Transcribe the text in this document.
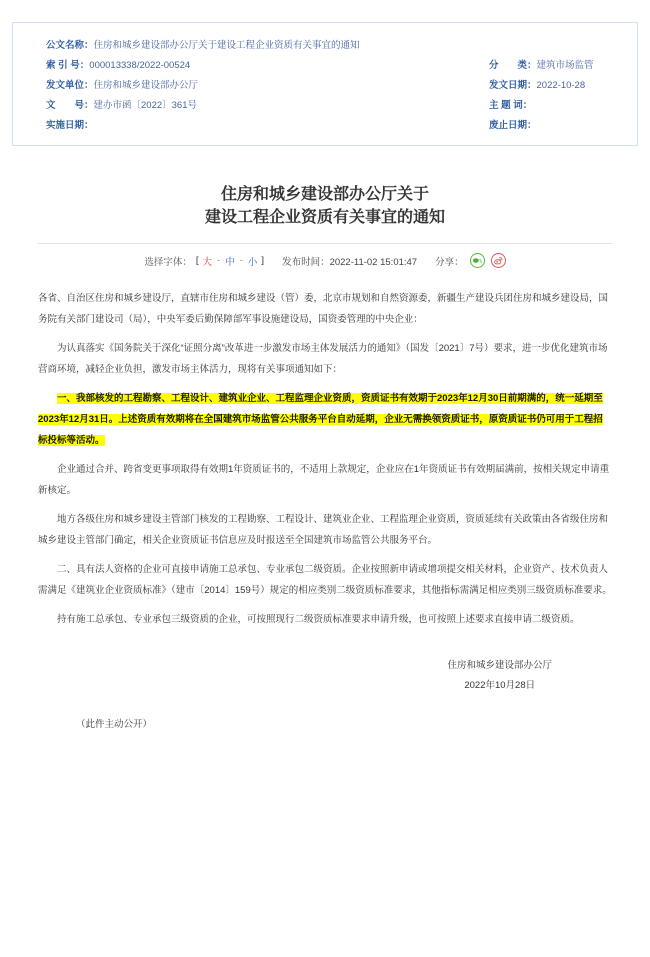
公文名称：住房和城乡建设部办公厅关于建设工程企业资质有关事宜的通知
索 引 号：000013338/2022-00524
发文单位：住房和城乡建设部办公厅
文　　号：建办市函〔2022〕361号
实施日期：
分　　类：建筑市场监管
发文日期：2022-10-28
主 题 词：
废止日期：
住房和城乡建设部办公厅关于
建设工程企业资质有关事宜的通知
选择字体： [ 大 - 中 - 小 ] 发布时间：2022-11-02 15:01:47 分享：

各省、自治区住房和城乡建设厅，直辖市住房和城乡建设（管）委，北京市规划和自然资源委，新疆生产建设兵团住房和城乡建设局，国务院有关部门建设司（局），中央军委后勤保障部军事设施建设局，国资委管理的中央企业：

为认真落实《国务院关于深化“证照分离”改革进一步激发市场主体发展活力的通知》（国发〔2021〕7号）要求，进一步优化建筑市场营商环境，减轻企业负担，激发市场主体活力，现将有关事项通知如下：

一、我部核发的工程勘察、工程设计、建筑业企业、工程监理企业资质，资质证书有效期于2023年12月30日前期满的，统一延期至2023年12月31日。上述资质有效期将在全国建筑市场监管公共服务平台自动延期，企业无需换领资质证书，原资质证书仍可用于工程招标投标等活动。

企业通过合并、跨省变更事项取得有效期1年资质证书的，不适用上款规定，企业应在1年资质证书有效期届满前，按相关规定申请重新核定。

地方各级住房和城乡建设主管部门核发的工程勘察、工程设计、建筑业企业、工程监理企业资质，资质延续有关政策由各省级住房和城乡建设主管部门确定，相关企业资质证书信息应及时报送至全国建筑市场监管公共服务平台。

二、具有法人资格的企业可直接申请施工总承包、专业承包二级资质。企业按照新申请或增项提交相关材料，企业资产、技术负责人需满足《建筑业企业资质标准》（建市〔2014〕159号）规定的相应类别二级资质标准要求，其他指标需满足相应类别三级资质标准要求。

持有施工总承包、专业承包三级资质的企业，可按照现行二级资质标准要求申请升级，也可按照上述要求直接申请二级资质。

住房和城乡建设部办公厅
2022年10月28日
（此件主动公开）
